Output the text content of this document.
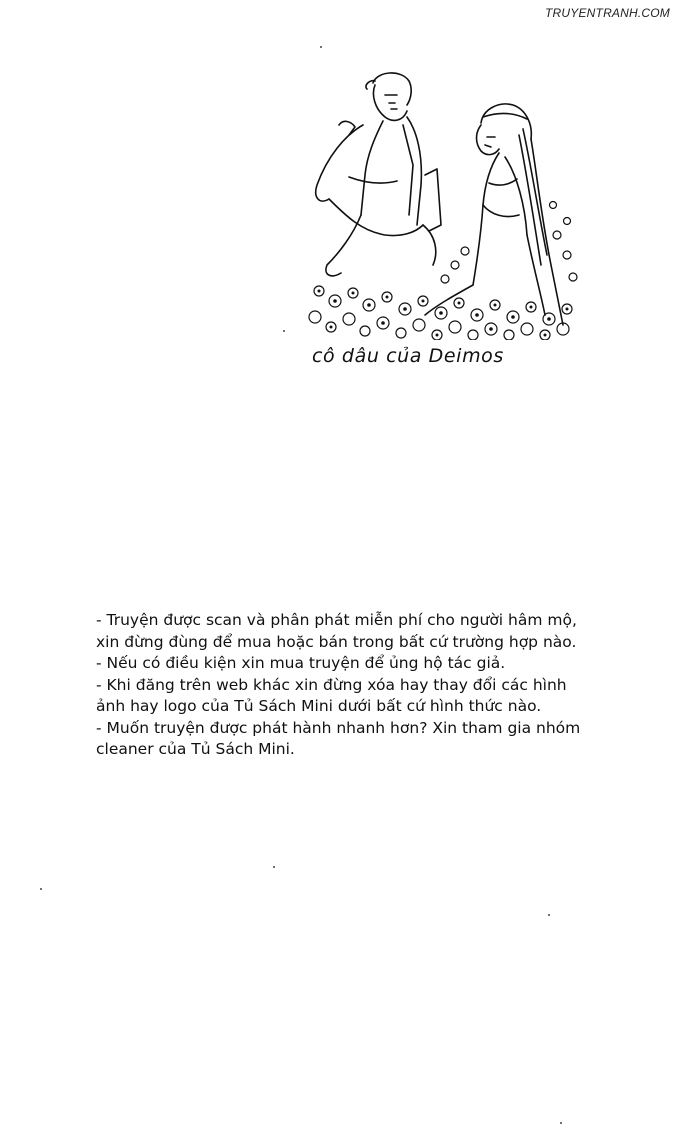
TRUYENTRANH.COM
cô dâu của Deimos

- Truyện được scan và phân phát miễn phí cho người hâm mộ, xin đừng đùng để mua hoặc bán trong bất cứ trường hợp nào.

- Nếu có điều kiện xin mua truyện để ủng hộ tác giả.

- Khi đăng trên web khác xin đừng xóa hay thay đổi các hình ảnh hay logo của Tủ Sách Mini dưới bất cứ hình thức nào.

- Muốn truyện được phát hành nhanh hơn? Xin tham gia nhóm cleaner của Tủ Sách Mini.
